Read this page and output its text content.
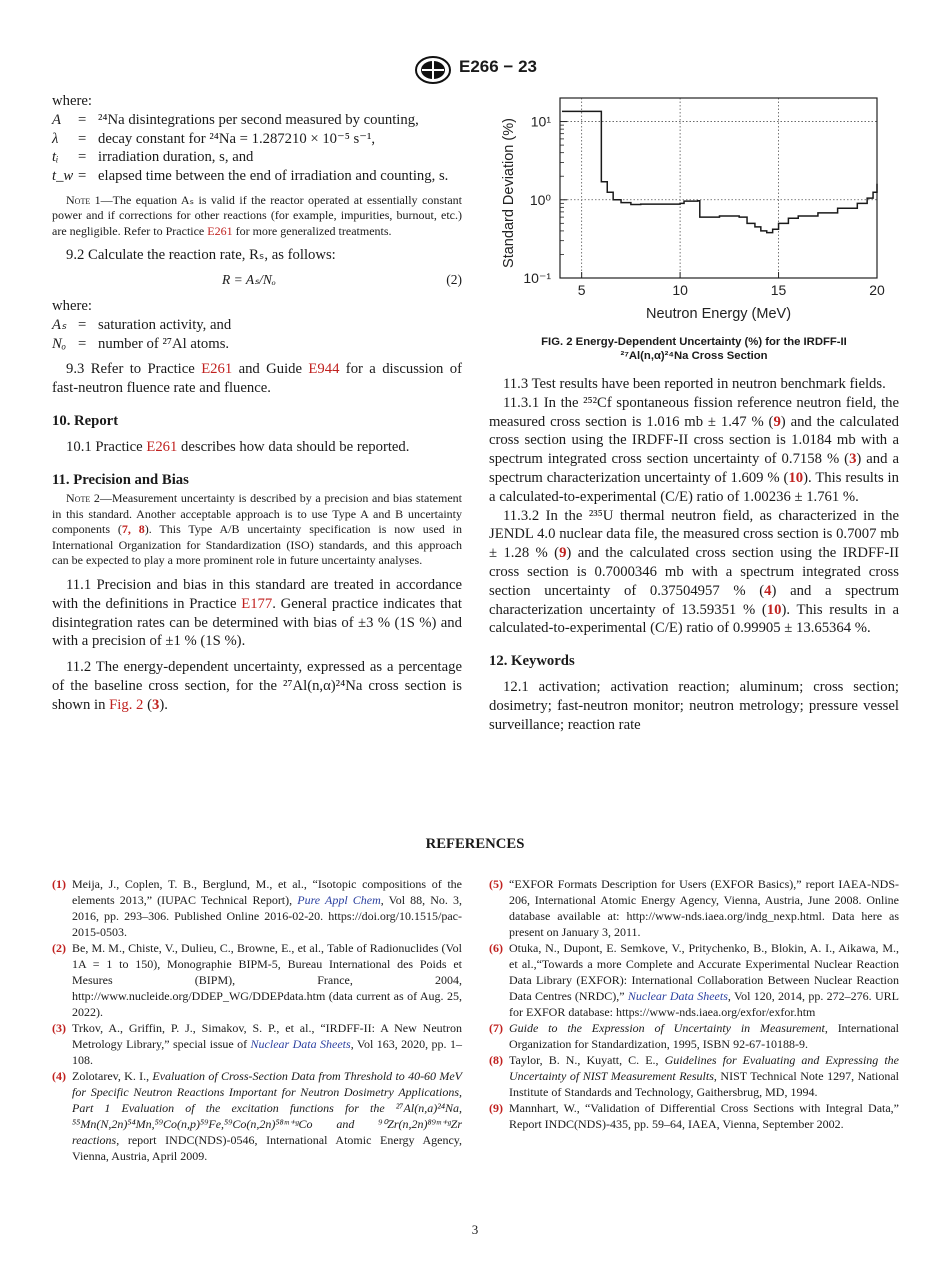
E266 − 23
where:
A	= ²⁴Na disintegrations per second measured by counting,
λ	= decay constant for ²⁴Na = 1.287210 × 10⁻⁵ s⁻¹,
tᵢ	= irradiation duration, s, and
t_w = elapsed time between the end of irradiation and counting, s.
Note 1—The equation Aₛ is valid if the reactor operated at essentially constant power and if corrections for other reactions (for example, impurities, burnout, etc.) are negligible. Refer to Practice E261 for more generalized treatments.
9.2 Calculate the reaction rate, Rₛ, as follows:
R = Aₛ/Nₒ	(2)
where:
Aₛ = saturation activity, and
Nₒ = number of ²⁷Al atoms.
9.3 Refer to Practice E261 and Guide E944 for a discussion of fast-neutron fluence rate and fluence.
10. Report
10.1 Practice E261 describes how data should be reported.
11. Precision and Bias
Note 2—Measurement uncertainty is described by a precision and bias statement in this standard. Another acceptable approach is to use Type A and B uncertainty components (7, 8). This Type A/B uncertainty specification is now used in International Organization for Standardization (ISO) standards, and this approach can be expected to play a more prominent role in future uncertainty analyses.
11.1 Precision and bias in this standard are treated in accordance with the definitions in Practice E177. General practice indicates that disintegration rates can be determined with bias of ±3 % (1S %) and with a precision of ±1 % (1S %).
11.2 The energy-dependent uncertainty, expressed as a percentage of the baseline cross section, for the ²⁷Al(n,α)²⁴Na cross section is shown in Fig. 2 (3).
5	10	15	20
10¹
10⁰
10⁻¹
Neutron Energy (MeV)
Standard Deviation (%)
FIG. 2 Energy-Dependent Uncertainty (%) for the IRDFF-II
²⁷Al(n,α)²⁴Na Cross Section
11.3 Test results have been reported in neutron benchmark fields.
11.3.1 In the ²⁵²Cf spontaneous fission reference neutron field, the measured cross section is 1.016 mb ± 1.47 % (9) and the calculated cross section using the IRDFF-II cross section is 1.0184 mb with a spectrum integrated cross section uncertainty of 0.7158 % (3) and a spectrum characterization uncertainty of 1.609 % (10). This results in a calculated-to-experimental (C/E) ratio of 1.00236 ± 1.761 %.
11.3.2 In the ²³⁵U thermal neutron field, as characterized in the JENDL 4.0 nuclear data file, the measured cross section is 0.7007 mb ± 1.28 % (9) and the calculated cross section using the IRDFF-II cross section is 0.7000346 mb with a spectrum integrated cross section uncertainty of 0.37504957 % (4) and a spectrum characterization uncertainty of 13.59351 % (10). This results in a calculated-to-experimental (C/E) ratio of 0.99905 ± 13.65364 %.
12. Keywords
12.1 activation; activation reaction; aluminum; cross section; dosimetry; fast-neutron monitor; neutron metrology; pressure vessel surveillance; reaction rate
REFERENCES
(1) Meija, J., Coplen, T. B., Berglund, M., et al., “Isotopic compositions of the elements 2013,” (IUPAC Technical Report), Pure Appl Chem, Vol 88, No. 3, 2016, pp. 293–306. Published Online 2016-02-20. https://doi.org/10.1515/pac-2015-0503.
(2) Be, M. M., Chiste, V., Dulieu, C., Browne, E., et al., Table of Radionuclides (Vol 1A = 1 to 150), Monographie BIPM-5, Bureau International des Poids et Mesures (BIPM), France, 2004, http://www.nucleide.org/DDEP_WG/DDEPdata.htm (data current as of Aug. 25, 2022).
(3) Trkov, A., Griffin, P. J., Simakov, S. P., et al., “IRDFF-II: A New Neutron Metrology Library,” special issue of Nuclear Data Sheets, Vol 163, 2020, pp. 1–108.
(4) Zolotarev, K. I., Evaluation of Cross-Section Data from Threshold to 40-60 MeV for Specific Neutron Reactions Important for Neutron Dosimetry Applications, Part 1 Evaluation of the excitation functions for the ²⁷Al(n,a)²⁴Na, ⁵⁵Mn(N,2n)⁵⁴Mn,⁵⁹Co(n,p)⁵⁹Fe,⁵⁹Co(n,2n)⁵⁸ᵐ⁺ᵍCo and ⁹⁰Zr(n,2n)⁸⁹ᵐ⁺ᵍZr reactions, report INDC(NDS)-0546, International Atomic Energy Agency, Vienna, Austria, April 2009.
(5) “EXFOR Formats Description for Users (EXFOR Basics),” report IAEA-NDS-206, International Atomic Energy Agency, Vienna, Austria, June 2008. Online database available at: http://www-nds.iaea.org/indg_nexp.html. Data here as present on January 3, 2011.
(6) Otuka, N., Dupont, E. Semkove, V., Pritychenko, B., Blokin, A. I., Aikawa, M., et al.,“Towards a more Complete and Accurate Experimental Nuclear Reaction Data Library (EXFOR): International Collaboration Between Nuclear Reaction Data Centres (NRDC),” Nuclear Data Sheets, Vol 120, 2014, pp. 272–276. URL for EXFOR database: https://www-nds.iaea.org/exfor/exfor.htm
(7) Guide to the Expression of Uncertainty in Measurement, International Organization for Standardization, 1995, ISBN 92-67-10188-9.
(8) Taylor, B. N., Kuyatt, C. E., Guidelines for Evaluating and Expressing the Uncertainty of NIST Measurement Results, NIST Technical Note 1297, National Institute of Standards and Technology, Gaithersbrug, MD, 1994.
(9) Mannhart, W., “Validation of Differential Cross Sections with Integral Data,” Report INDC(NDS)-435, pp. 59–64, IAEA, Vienna, September 2002.
3
